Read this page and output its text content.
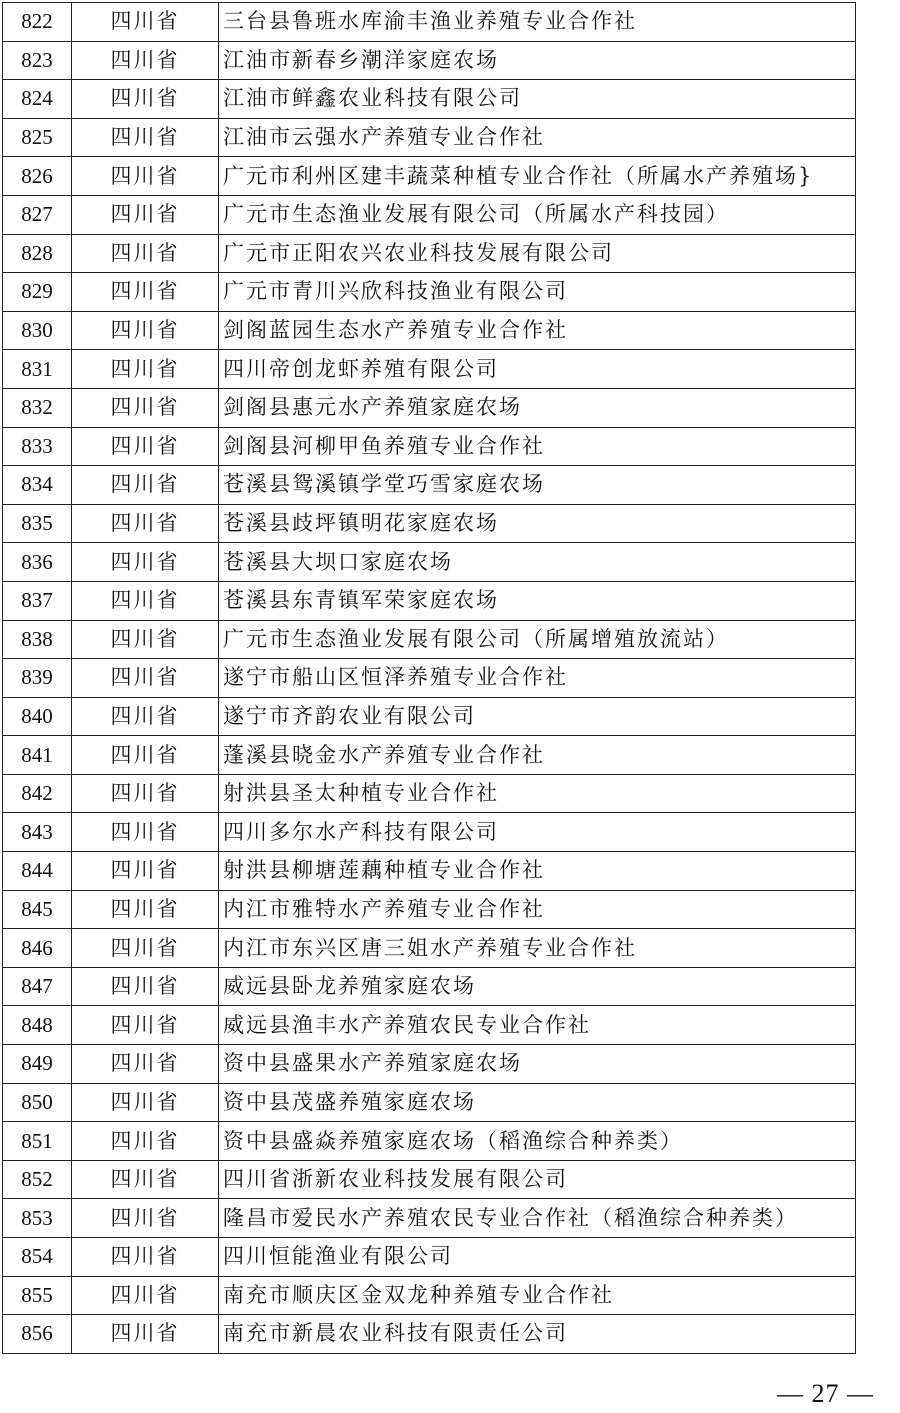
822	四川省	三台县鲁班水库渝丰渔业养殖专业合作社
823	四川省	江油市新春乡潮洋家庭农场
824	四川省	江油市鲜鑫农业科技有限公司
825	四川省	江油市云强水产养殖专业合作社
826	四川省	广元市利州区建丰蔬菜种植专业合作社（所属水产养殖场}
827	四川省	广元市生态渔业发展有限公司（所属水产科技园）
828	四川省	广元市正阳农兴农业科技发展有限公司
829	四川省	广元市青川兴欣科技渔业有限公司
830	四川省	剑阁蓝园生态水产养殖专业合作社
831	四川省	四川帝创龙虾养殖有限公司
832	四川省	剑阁县惠元水产养殖家庭农场
833	四川省	剑阁县河柳甲鱼养殖专业合作社
834	四川省	苍溪县鸳溪镇学堂巧雪家庭农场
835	四川省	苍溪县歧坪镇明花家庭农场
836	四川省	苍溪县大坝口家庭农场
837	四川省	苍溪县东青镇军荣家庭农场
838	四川省	广元市生态渔业发展有限公司（所属增殖放流站）
839	四川省	遂宁市船山区恒泽养殖专业合作社
840	四川省	遂宁市齐韵农业有限公司
841	四川省	蓬溪县晓金水产养殖专业合作社
842	四川省	射洪县圣太种植专业合作社
843	四川省	四川多尔水产科技有限公司
844	四川省	射洪县柳塘莲藕种植专业合作社
845	四川省	内江市雅特水产养殖专业合作社
846	四川省	内江市东兴区唐三姐水产养殖专业合作社
847	四川省	威远县卧龙养殖家庭农场
848	四川省	威远县渔丰水产养殖农民专业合作社
849	四川省	资中县盛果水产养殖家庭农场
850	四川省	资中县茂盛养殖家庭农场
851	四川省	资中县盛焱养殖家庭农场（稻渔综合种养类）
852	四川省	四川省浙新农业科技发展有限公司
853	四川省	隆昌市爱民水产养殖农民专业合作社（稻渔综合种养类）
854	四川省	四川恒能渔业有限公司
855	四川省	南充市顺庆区金双龙种养殖专业合作社
856	四川省	南充市新晨农业科技有限责任公司
— 27 —
